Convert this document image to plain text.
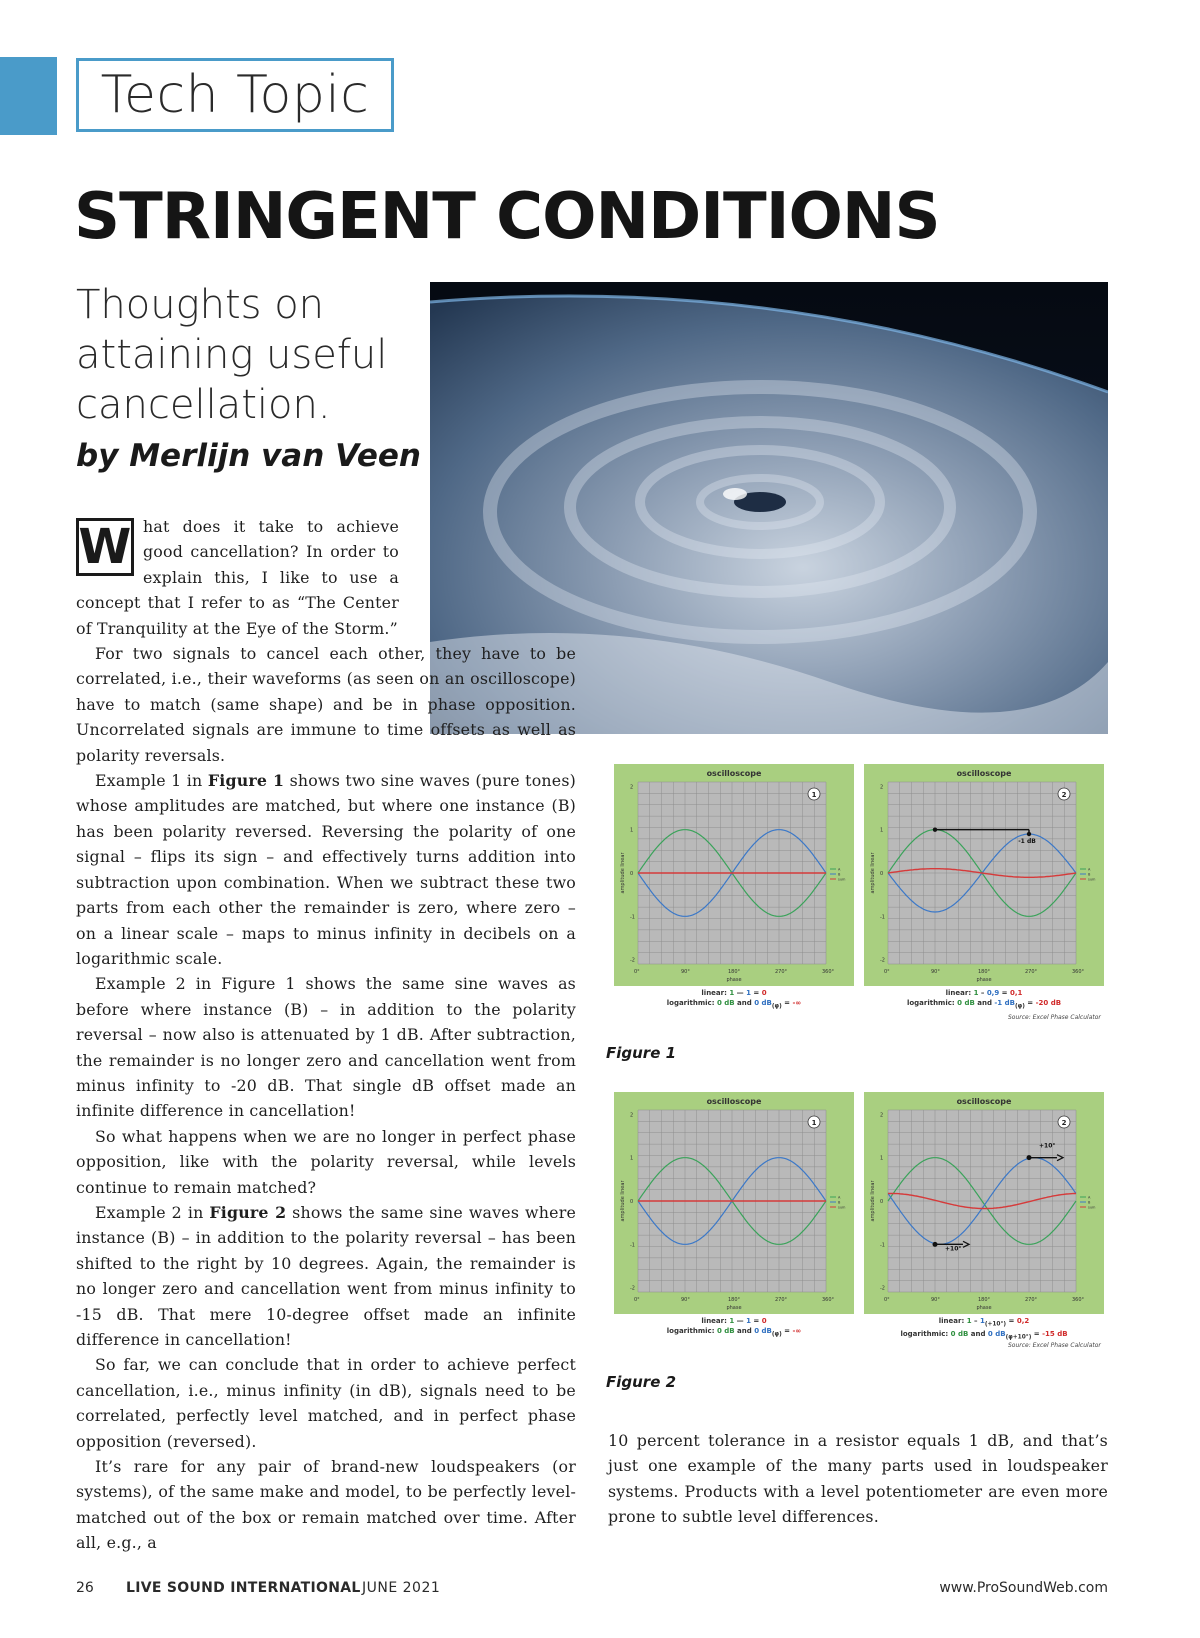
Tech Topic
STRINGENT CONDITIONS

Thoughts on attaining useful cancellation.

by Merlijn van Veen

W hat does it take to achieve good cancellation? In order to explain this, I like to use a concept that I refer to as “The Center of Tranquility at the Eye of the Storm.”

For two signals to cancel each other, they have to be correlated, i.e., their waveforms (as seen on an oscilloscope) have to match (same shape) and be in phase opposition. Uncorrelated signals are immune to time offsets as well as polarity reversals.

Example 1 in Figure 1 shows two sine waves (pure tones) whose amplitudes are matched, but where one instance (B) has been polarity reversed. Reversing the polarity of one signal – flips its sign – and effectively turns addition into subtraction upon combination. When we subtract these two parts from each other the remainder is zero, where zero – on a linear scale – maps to minus infinity in decibels on a logarithmic scale.

Example 2 in Figure 1 shows the same sine waves as before where instance (B) – in addition to the polarity reversal – now also is attenuated by 1 dB. After subtraction, the remainder is no longer zero and cancellation went from minus infinity to -20 dB. That single dB offset made an infinite difference in cancellation!

So what happens when we are no longer in perfect phase opposition, like with the polarity reversal, while levels continue to remain matched?

Example 2 in Figure 2 shows the same sine waves where instance (B) – in addition to the polarity reversal – has been shifted to the right by 10 degrees. Again, the remainder is no longer zero and cancellation went from minus infinity to -15 dB. That mere 10-degree offset made an infinite difference in cancellation!

So far, we can conclude that in order to achieve perfect cancellation, i.e., minus infinity (in dB), signals need to be correlated, perfectly level matched, and in perfect phase opposition (reversed).

It’s rare for any pair of brand-new loudspeakers (or systems), of the same make and model, to be perfectly level-matched out of the box or remain matched over time. After all, e.g., a

oscilloscope
2
1
0
-1
-2
0°	90°	180°	270°	360°
phase
amplitude linear
1
A
B
sum
oscilloscope
2
1
0
-1
-2
0°	90°	180°	270°	360°
phase
amplitude linear
2
A
B
sum
-1 dB
linear: 1 — 1 = 0
logarithmic: 0 dB and 0 $dB_{(\varphi)}$ = -∞
linear: 1 – 0,9 = 0,1
logarithmic: 0 dB and -1 $dB_{(\varphi)} = -20$ dB
Source: Excel Phase Calculator

Figure 1

oscilloscope
2
1
0
-1
-2
0°	90°	180°	270°	360°
phase
amplitude linear
1
A
B
sum
oscilloscope
2
1
0
-1
-2
0°	90°	180°	270°	360°
phase
amplitude linear
2
A
B
sum
+10°
+10°
linear: 1 — 1 = 0
logarithmic: 0 dB and 0 $dB_{(\varphi)}$ = -∞
linear: $1 - 1_{(+10^\circ)} = 0,2$
logarithmic: 0 dB and 0 $dB_{(\varphi+10^\circ)} = -15$ dB
Source: Excel Phase Calculator

Figure 2

10 percent tolerance in a resistor equals 1 dB, and that’s just one example of the many parts used in loudspeaker systems. Products with a level potentiometer are even more prone to subtle level differences.

26 LIVE SOUND INTERNATIONAL JUNE 2021	www.ProSoundWeb.com
